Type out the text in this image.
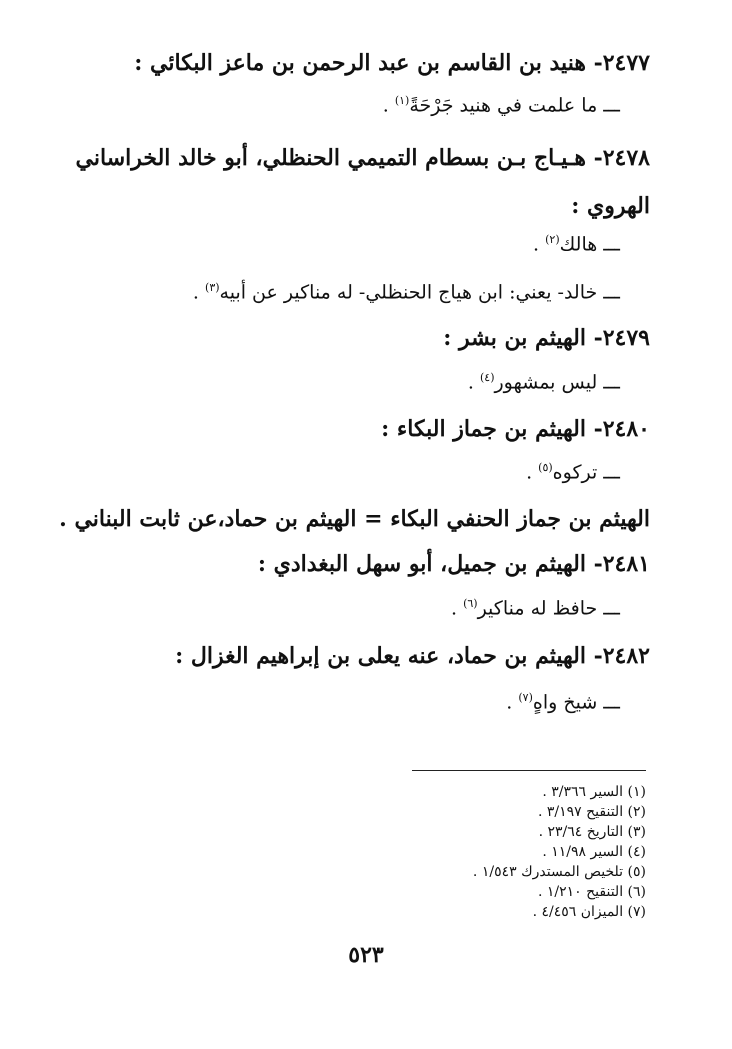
٢٤٧٧- هنيد بن القاسم بن عبد الرحمن بن ماعز البكائي :
ـــ ما علمت في هنيد جَرْحَةً$^{(١)}$ .
٢٤٧٨- هـيـاج بـن بسطام التميمي الحنظلي، أبو خالد الخراساني
الهروي :
ـــ هالك$^{(٢)}$ .
ـــ خالد- يعني: ابن هياج الحنظلي- له مناكير عن أبيه$^{(٣)}$ .
٢٤٧٩- الهيثم بن بشر :
ـــ ليس بمشهور$^{(٤)}$ .
٢٤٨٠- الهيثم بن جماز البكاء :
ـــ تركوه$^{(٥)}$ .
الهيثم بن جماز الحنفي البكاء = الهيثم بن حماد،عن ثابت البناني .
٢٤٨١- الهيثم بن جميل، أبو سهل البغدادي :
ـــ حافظ له مناكير$^{(٦)}$ .
٢٤٨٢- الهيثم بن حماد، عنه يعلى بن إبراهيم الغزال :
ـــ شيخ واهٍ$^{(٧)}$ .
(١) السير ٣/٣٦٦ .
(٢) التنقيح ٣/١٩٧ .
(٣) التاريخ ٢٣/٦٤ .
(٤) السير ١١/٩٨ .
(٥) تلخيص المستدرك ١/٥٤٣ .
(٦) التنقيح ١/٢١٠ .
(٧) الميزان ٤/٤٥٦ .
٥٢٣
